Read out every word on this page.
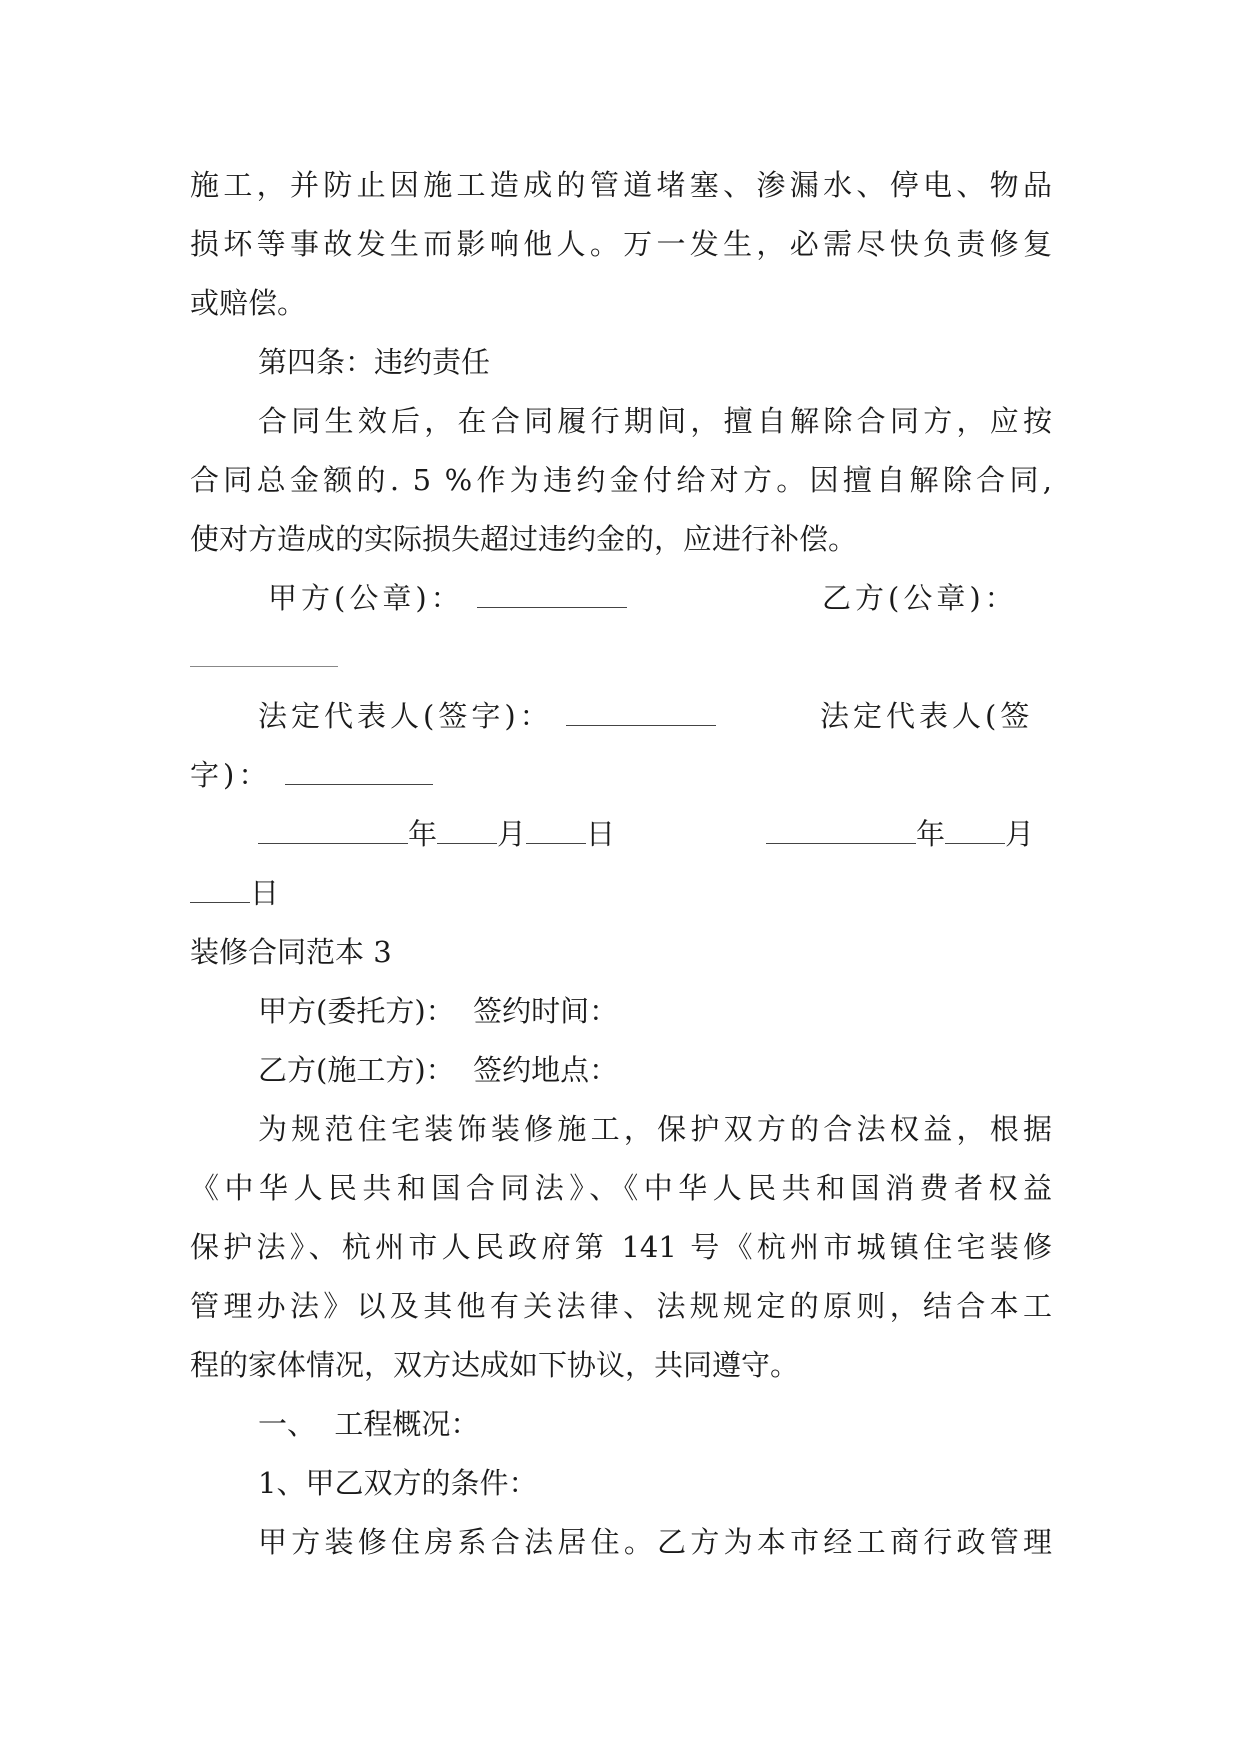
施工，并防止因施工造成的管道堵塞、渗漏水、停电、物品
损坏等事故发生而影响他人。万一发生，必需尽快负责修复
或赔偿。
第四条：违约责任
合同生效后，在合同履行期间，擅自解除合同方，应按
合同总金额的. 5 %作为违约金付给对方。因擅自解除合同,
使对方造成的实际损失超过违约金的，应进行补偿。
甲方(公章)：	乙方(公章)：
法定代表人(签字)：	法定代表人(签
字)：
年 月 日	年 月
日
装修合同范本 3
甲方(委托方)：  签约时间：
乙方(施工方)：  签约地点：
为规范住宅装饰装修施工，保护双方的合法权益，根据
《中华人民共和国合同法》、《中华人民共和国消费者权益
保护法》、杭州市人民政府第 141 号《杭州市城镇住宅装修
管理办法》以及其他有关法律、法规规定的原则，结合本工
程的家体情况，双方达成如下协议，共同遵守。
一、  工程概况：
1、甲乙双方的条件：
甲方装修住房系合法居住。乙方为本市经工商行政管理
